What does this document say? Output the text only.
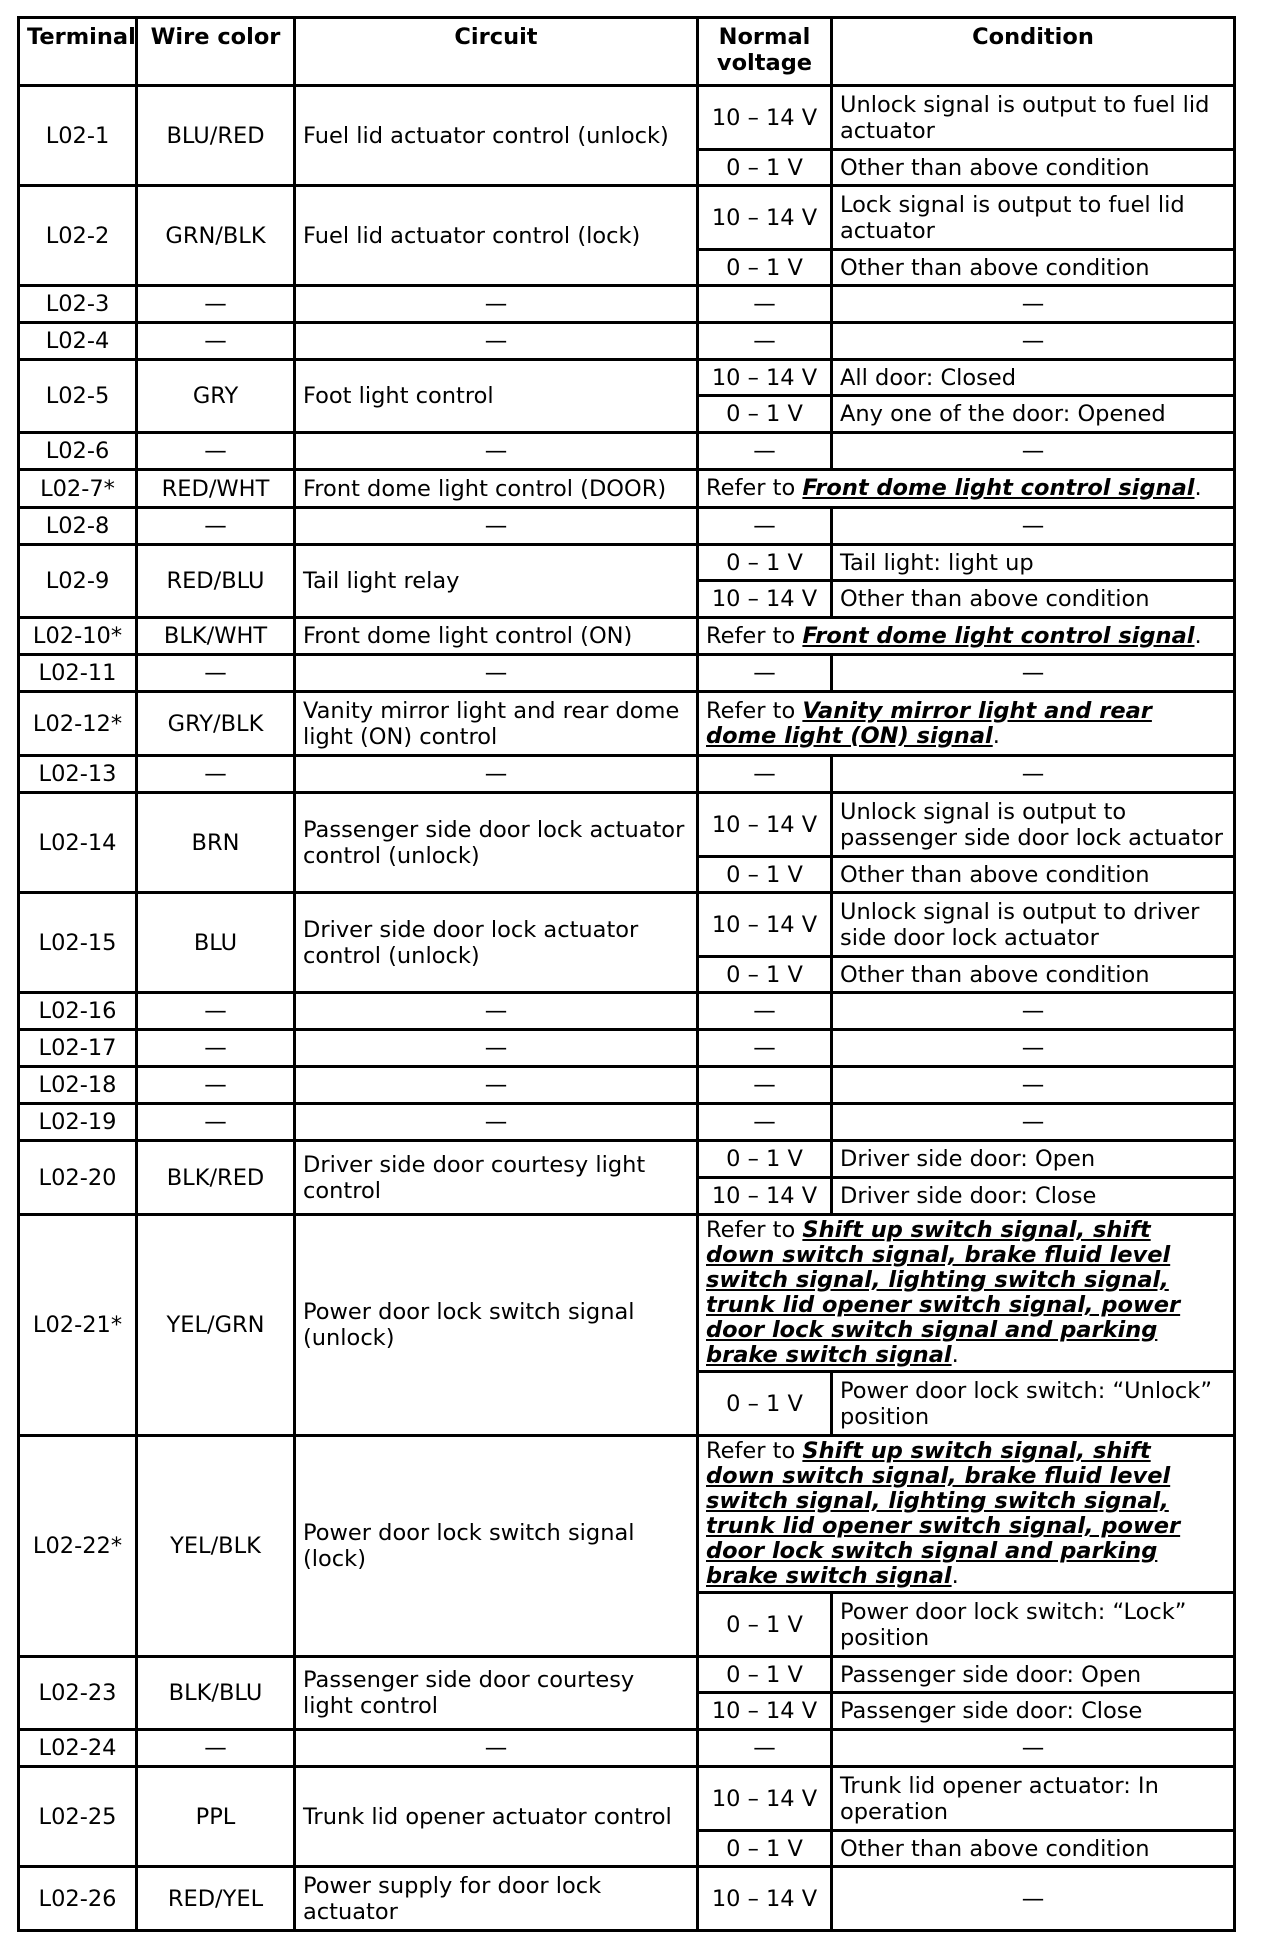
Terminal	Wire color	Circuit	Normal voltage	Condition
L02-1	BLU/RED	Fuel lid actuator control (unlock)	10 – 14 V	Unlock signal is output to fuel lid actuator
			0 – 1 V	Other than above condition
L02-2	GRN/BLK	Fuel lid actuator control (lock)	10 – 14 V	Lock signal is output to fuel lid actuator
			0 – 1 V	Other than above condition
L02-3	—	—	—	—
L02-4	—	—	—	—
L02-5	GRY	Foot light control	10 – 14 V	All door: Closed
			0 – 1 V	Any one of the door: Opened
L02-6	—	—	—	—
L02-7*	RED/WHT	Front dome light control (DOOR)	Refer to Front dome light control signal.	
L02-8	—	—	—	—
L02-9	RED/BLU	Tail light relay	0 – 1 V	Tail light: light up
			10 – 14 V	Other than above condition
L02-10*	BLK/WHT	Front dome light control (ON)	Refer to Front dome light control signal.	
L02-11	—	—	—	—
L02-12*	GRY/BLK	Vanity mirror light and rear dome light (ON) control	Refer to Vanity mirror light and rear dome light (ON) signal.	
L02-13	—	—	—	—
L02-14	BRN	Passenger side door lock actuator control (unlock)	10 – 14 V	Unlock signal is output to passenger side door lock actuator
			0 – 1 V	Other than above condition
L02-15	BLU	Driver side door lock actuator control (unlock)	10 – 14 V	Unlock signal is output to driver side door lock actuator
			0 – 1 V	Other than above condition
L02-16	—	—	—	—
L02-17	—	—	—	—
L02-18	—	—	—	—
L02-19	—	—	—	—
L02-20	BLK/RED	Driver side door courtesy light control	0 – 1 V	Driver side door: Open
			10 – 14 V	Driver side door: Close
L02-21*	YEL/GRN	Power door lock switch signal (unlock)	Refer to Shift up switch signal, shift down switch signal, brake fluid level switch signal, lighting switch signal, trunk lid opener switch signal, power door lock switch signal and parking brake switch signal.	
			0 – 1 V	Power door lock switch: “Unlock” position
L02-22*	YEL/BLK	Power door lock switch signal (lock)	Refer to Shift up switch signal, shift down switch signal, brake fluid level switch signal, lighting switch signal, trunk lid opener switch signal, power door lock switch signal and parking brake switch signal.	
			0 – 1 V	Power door lock switch: “Lock” position
L02-23	BLK/BLU	Passenger side door courtesy light control	0 – 1 V	Passenger side door: Open
			10 – 14 V	Passenger side door: Close
L02-24	—	—	—	—
L02-25	PPL	Trunk lid opener actuator control	10 – 14 V	Trunk lid opener actuator: In operation
			0 – 1 V	Other than above condition
L02-26	RED/YEL	Power supply for door lock actuator	10 – 14 V	—
